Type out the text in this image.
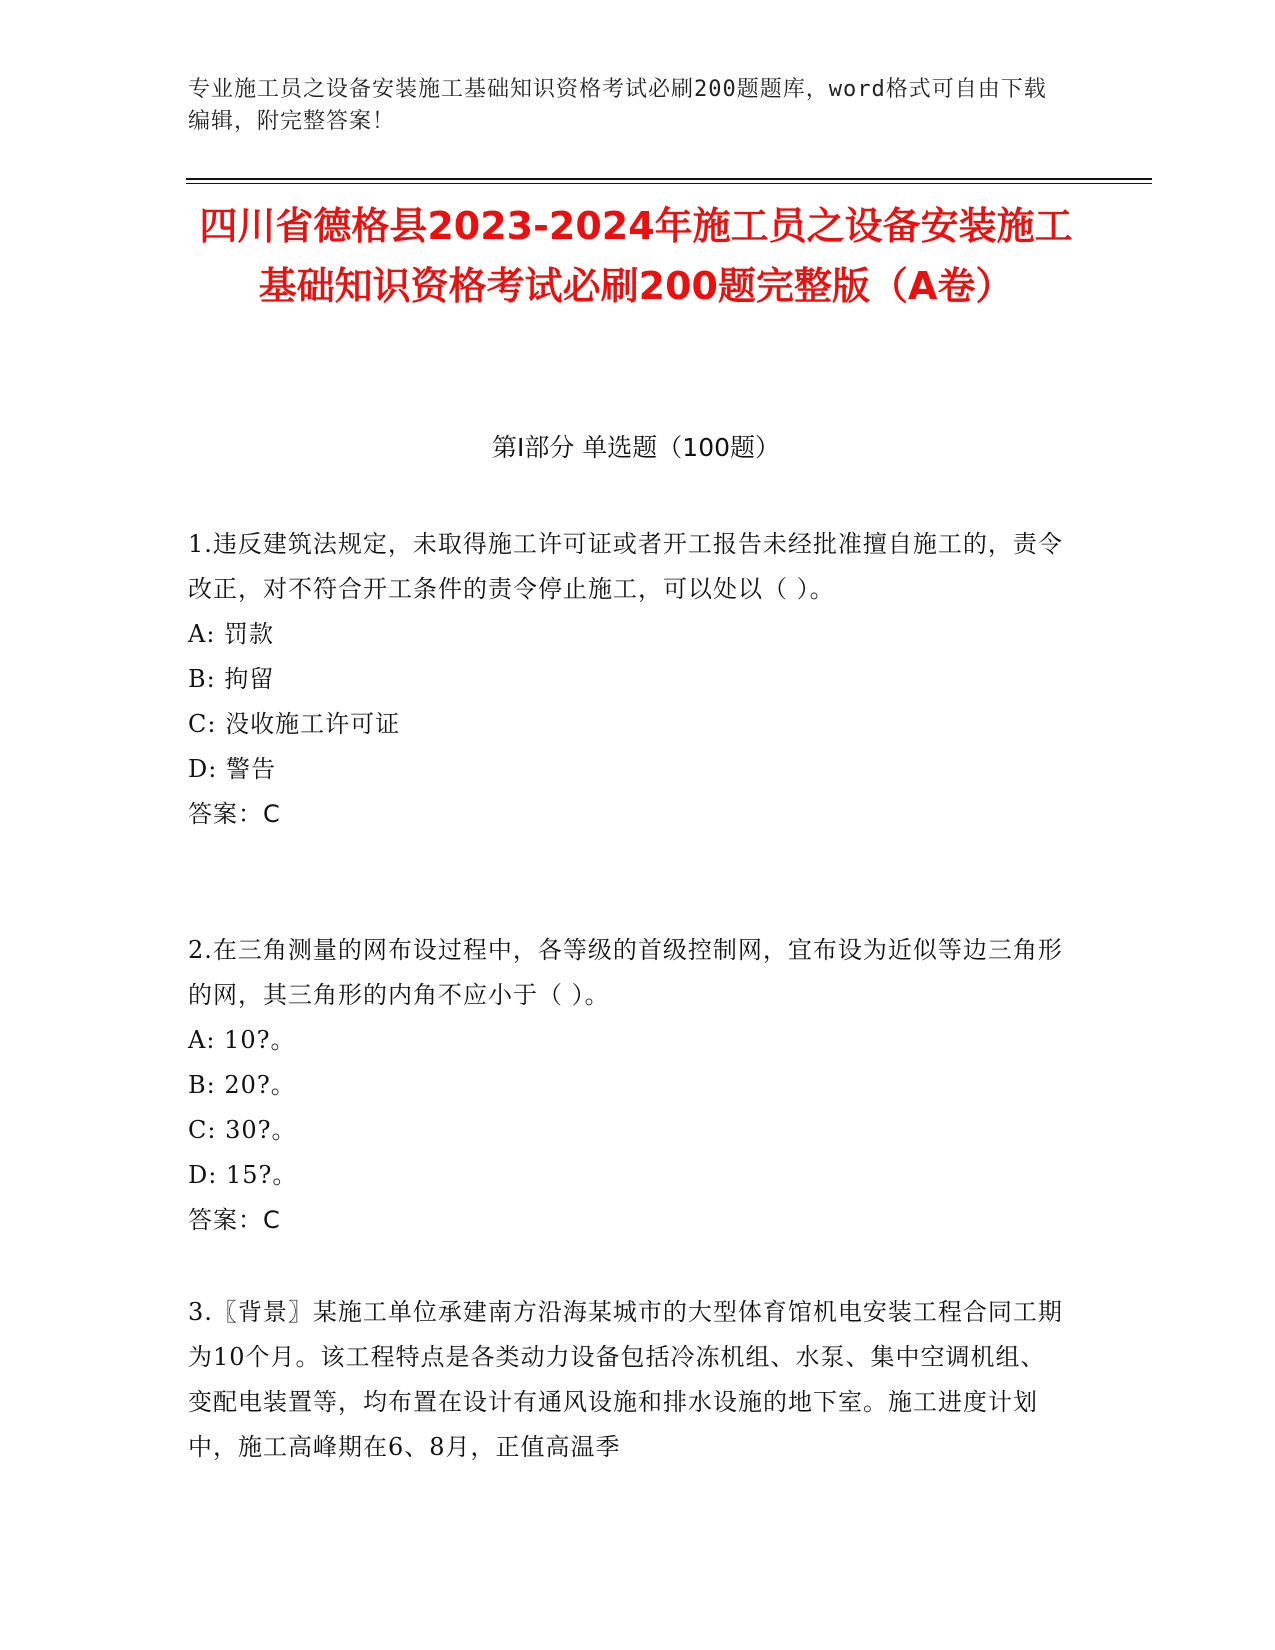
专业施工员之设备安装施工基础知识资格考试必刷200题题库，word格式可自由下载编辑，附完整答案！
四川省德格县2023-2024年施工员之设备安装施工基础知识资格考试必刷200题完整版（A卷）
第Ⅰ部分 单选题（100题）
1.违反建筑法规定，未取得施工许可证或者开工报告未经批准擅自施工的，责令改正，对不符合开工条件的责令停止施工，可以处以（ ）。
A: 罚款
B: 拘留
C: 没收施工许可证
D: 警告
答案：C
2.在三角测量的网布设过程中，各等级的首级控制网，宜布设为近似等边三角形的网，其三角形的内角不应小于（ ）。
A: 10?。
B: 20?。
C: 30?。
D: 15?。
答案：C
3.〖背景〗某施工单位承建南方沿海某城市的大型体育馆机电安装工程合同工期为10个月。该工程特点是各类动力设备包括冷冻机组、水泵、集中空调机组、变配电装置等，均布置在设计有通风设施和排水设施的地下室。施工进度计划中，施工高峰期在6、8月，正值高温季
